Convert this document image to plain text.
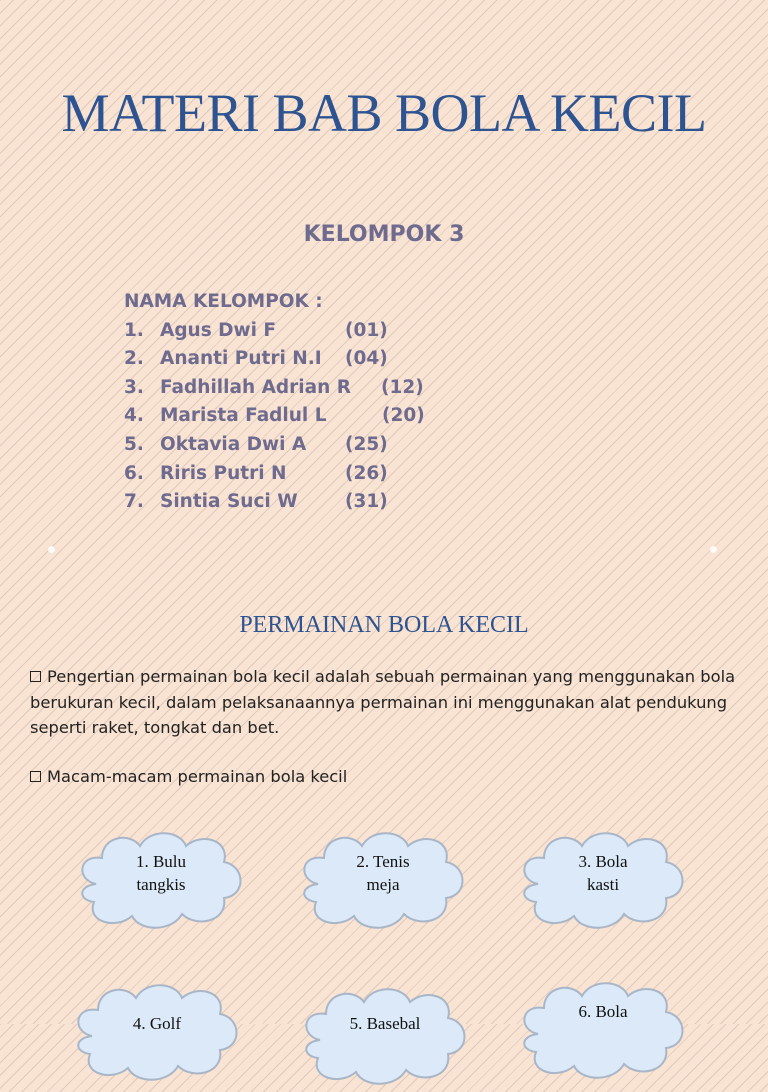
MATERI BAB BOLA KECIL
KELOMPOK 3
NAMA KELOMPOK :
1. Agus Dwi F	(01)
2. Ananti Putri N.I (04)
3. Fadhillah Adrian R (12)
4. Marista Fadlul L	(20)
5. Oktavia Dwi A (25)
6. Riris Putri N	(26)
7. Sintia Suci W	(31)
PERMAINAN BOLA KECIL

Pengertian permainan bola kecil adalah sebuah permainan yang menggunakan bola berukuran kecil, dalam pelaksanaannya permainan ini menggunakan alat pendukung seperti raket, tongkat dan bet.

Macam-macam permainan bola kecil

1. Bulu
tangkis
2. Tenis
meja
3. Bola
kasti
4. Golf	5. Basebal
6. Bola
